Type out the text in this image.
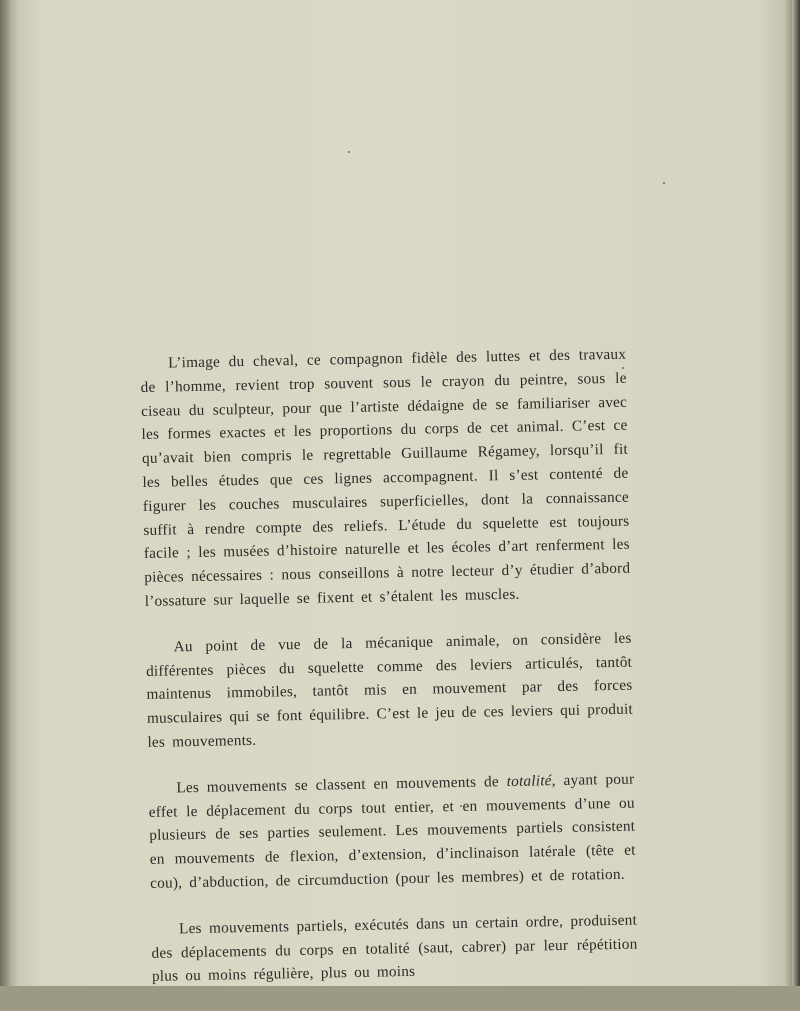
L’image du cheval, ce compagnon fidèle des luttes et des travaux de l’homme, revient trop souvent sous le crayon du peintre, sous le ciseau du sculpteur, pour que l’artiste dédaigne de se familiariser avec les formes exactes et les proportions du corps de cet animal. C’est ce qu’avait bien compris le regrettable Guillaume Régamey, lorsqu’il fit les belles études que ces lignes accompagnent. Il s’est contenté de figurer les couches musculaires superficielles, dont la connaissance suffit à rendre compte des reliefs. L’étude du squelette est toujours facile ; les musées d’histoire naturelle et les écoles d’art renferment les pièces nécessaires : nous conseillons à notre lecteur d’y étudier d’abord l’ossature sur laquelle se fixent et s’étalent les muscles.

Au point de vue de la mécanique animale, on considère les différentes pièces du squelette comme des leviers articulés, tantôt maintenus immobiles, tantôt mis en mouvement par des forces musculaires qui se font équilibre. C’est le jeu de ces leviers qui produit les mouvements.

Les mouvements se classent en mouvements de totalité, ayant pour effet le déplacement du corps tout entier, et en mouvements d’une ou plusieurs de ses parties seulement. Les mouvements partiels consistent en mouvements de flexion, d’extension, d’inclinaison latérale (tête et cou), d’abduction, de circumduction (pour les membres) et de rotation.

Les mouvements partiels, exécutés dans un certain ordre, produisent des déplacements du corps en totalité (saut, cabrer) par leur répétition plus ou moins régulière, plus ou moins
